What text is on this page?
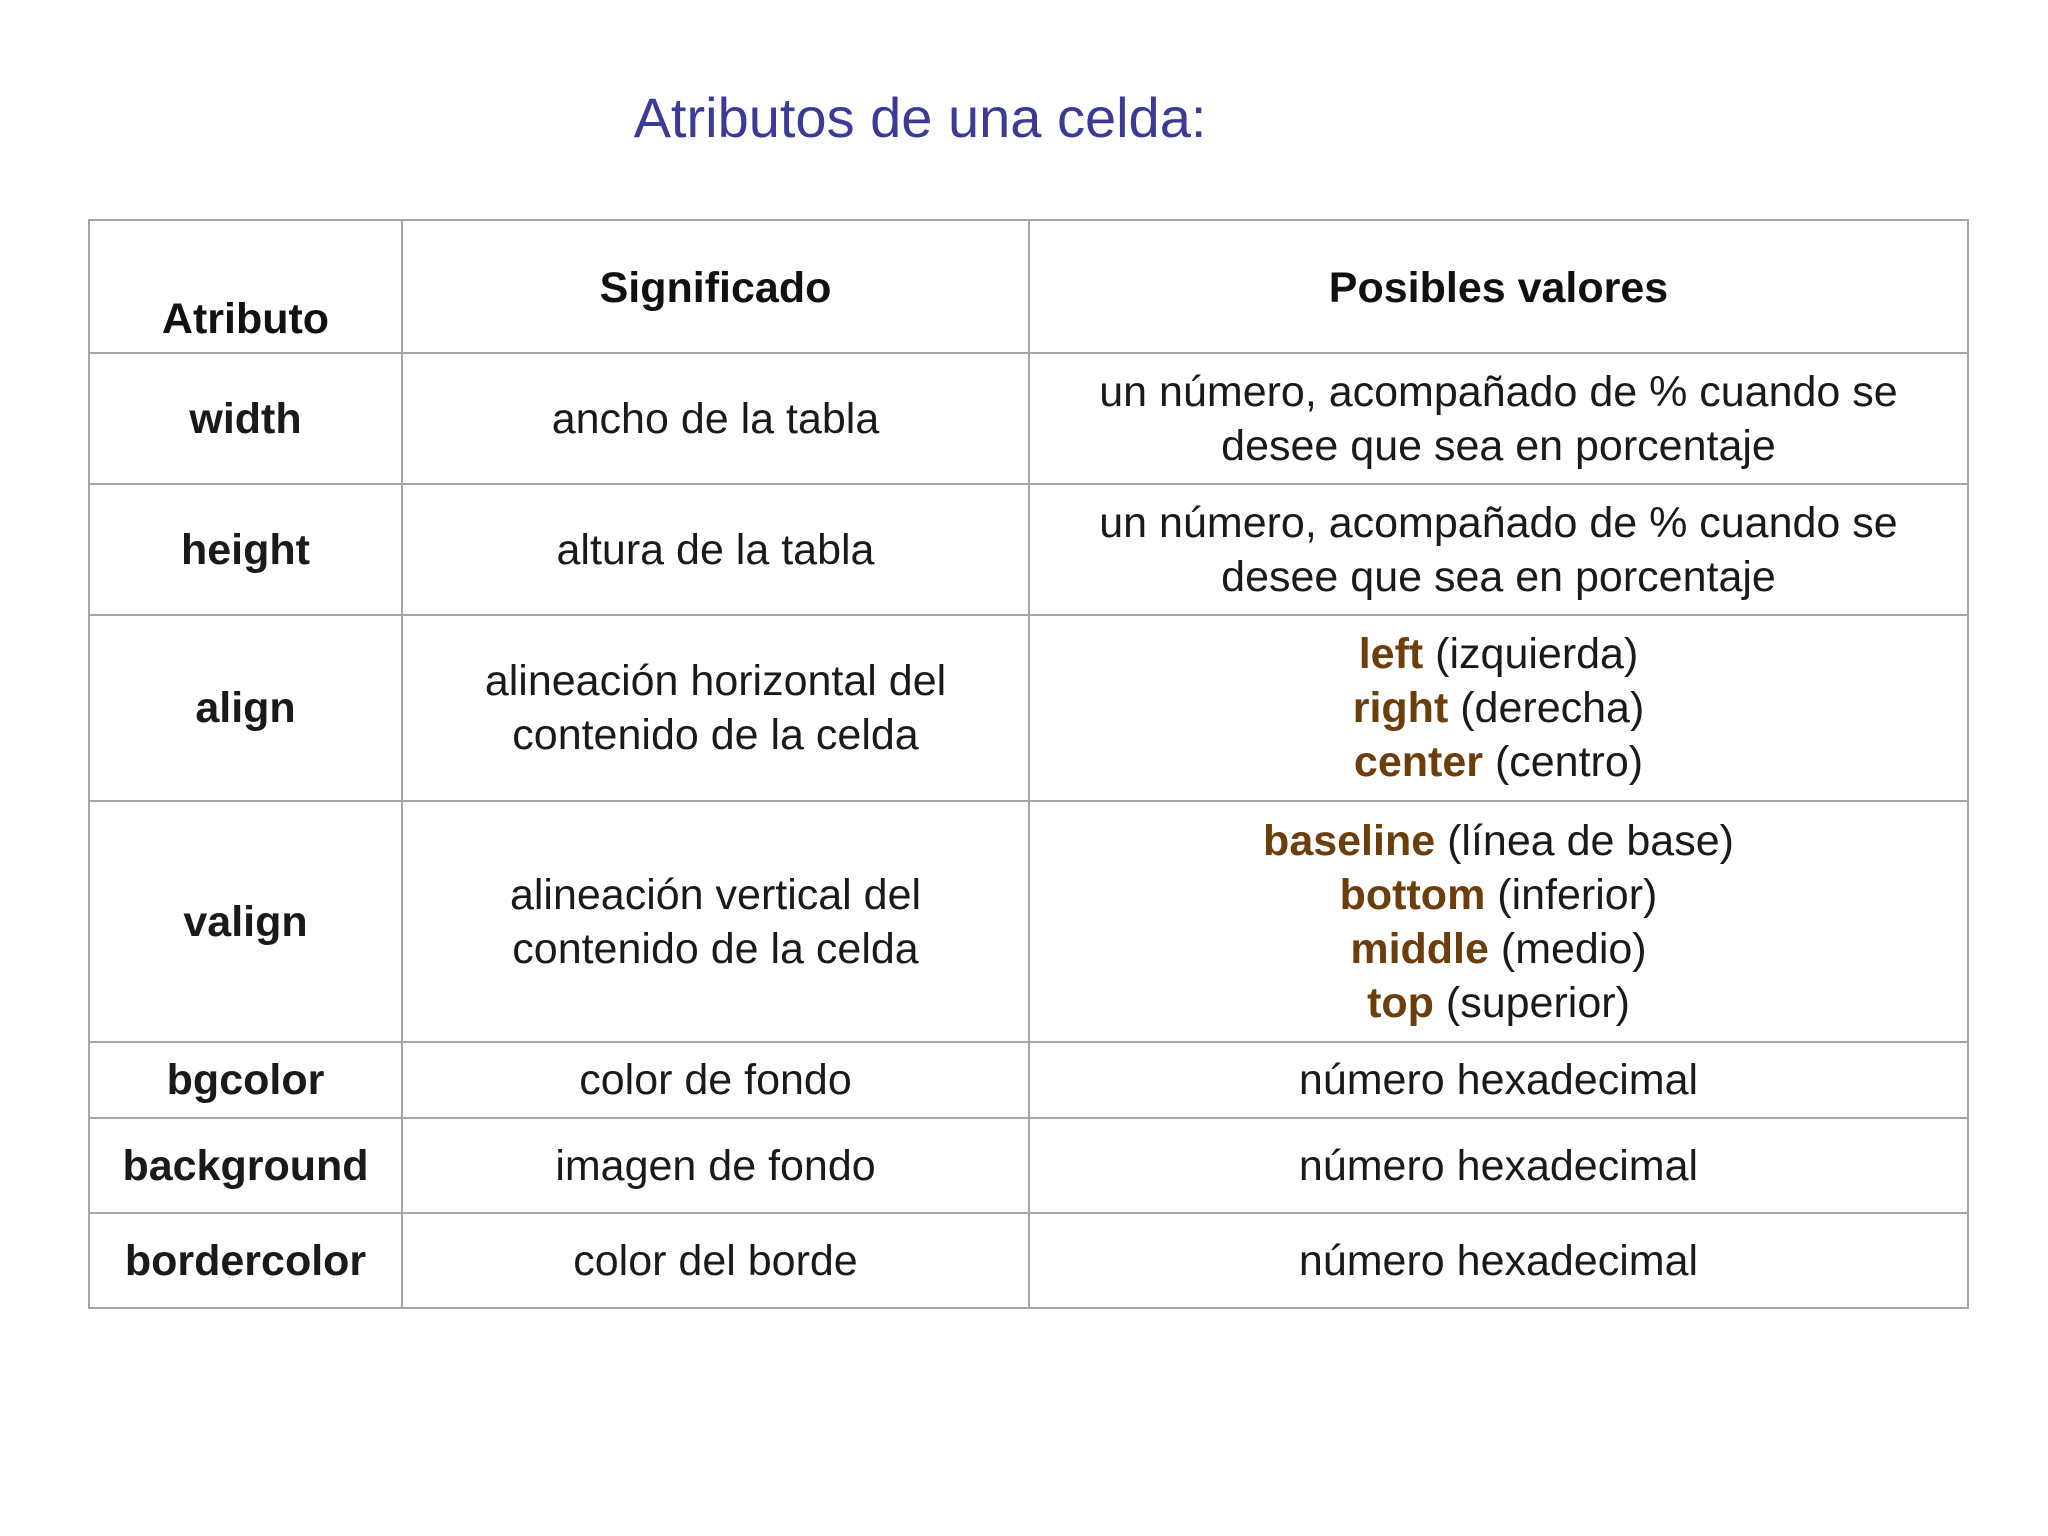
Atributos de una celda:
Atributo	Significado	Posibles valores
width	ancho de la tabla	un número, acompañado de % cuando se desee que sea en porcentaje
height	altura de la tabla	un número, acompañado de % cuando se desee que sea en porcentaje
align	alineación horizontal del contenido de la celda	left (izquierda)
right (derecha)
center (centro)

valign	alineación vertical del contenido de la celda	baseline (línea de base)
bottom (inferior)
middle (medio)
top (superior)

bgcolor	color de fondo	número hexadecimal
background	imagen de fondo	número hexadecimal
bordercolor	color del borde	número hexadecimal
